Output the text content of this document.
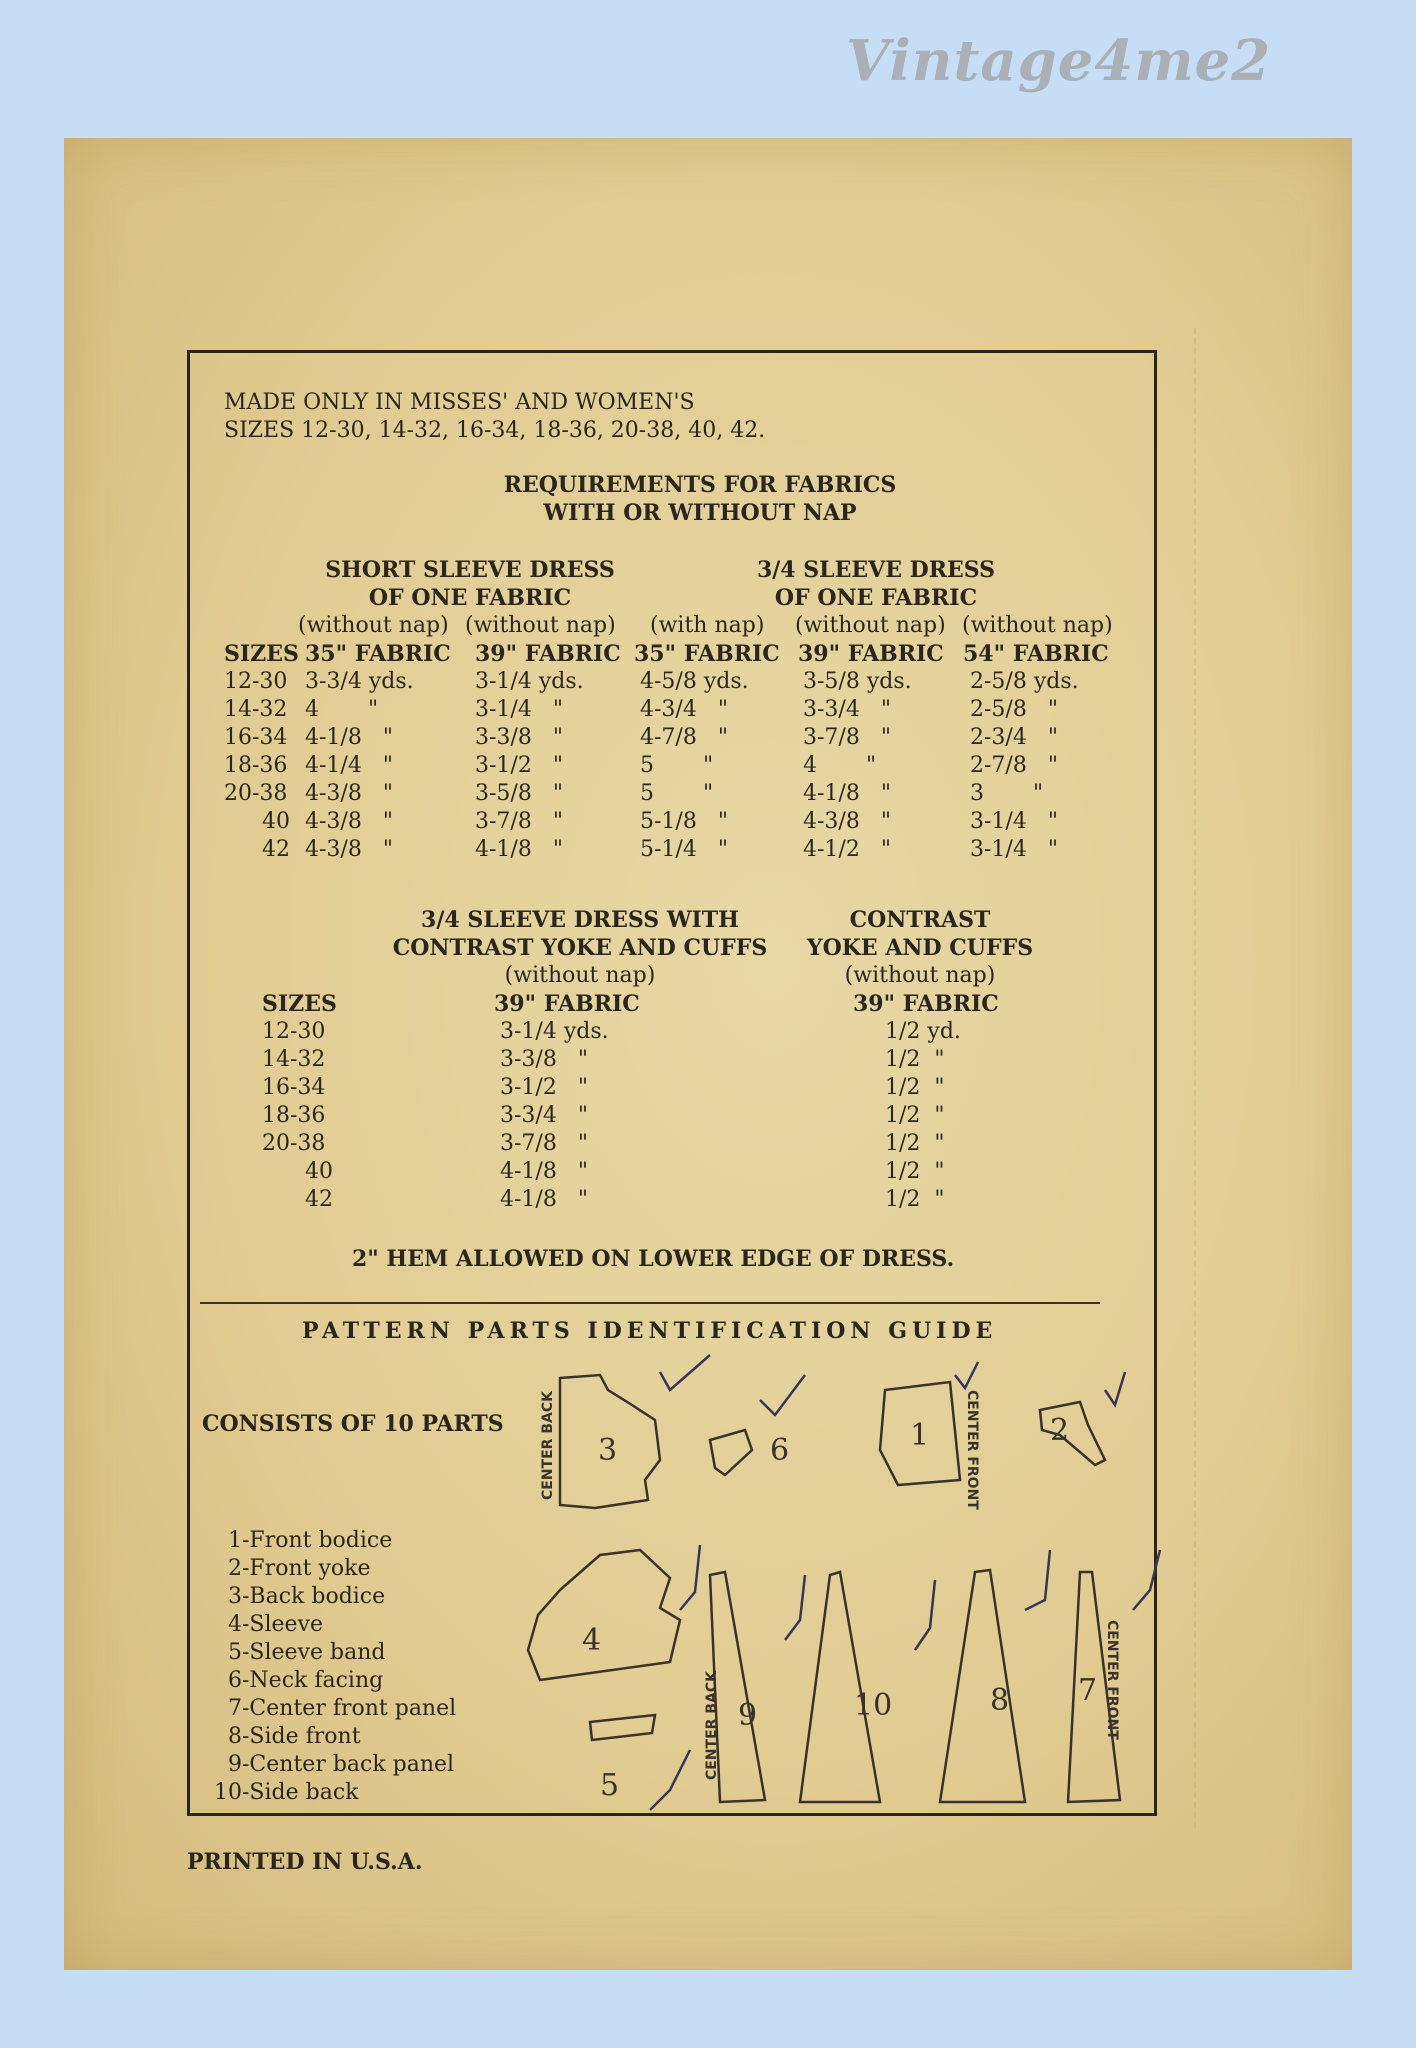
Vintage4me2
MADE ONLY IN MISSES' AND WOMEN'S
SIZES 12-30, 14-32, 16-34, 18-36, 20-38, 40, 42.
REQUIREMENTS FOR FABRICS
WITH OR WITHOUT NAP
SHORT SLEEVE DRESS
OF ONE FABRIC
3/4 SLEEVE DRESS
OF ONE FABRIC
(without nap) (without nap) (with nap) (without nap) (without nap)
SIZES 35" FABRIC 39" FABRIC 35" FABRIC 39" FABRIC 54" FABRIC
12-30 3-3/4 yds.	3-1/4 yds.	4-5/8 yds. 3-5/8 yds.	2-5/8 yds.
14-32 4       "	3-1/4   "	4-3/4   "	3-3/4   "	2-5/8   "
16-34 4-1/8   "	3-3/8   "	4-7/8   "	3-7/8   "	2-3/4   "
18-36 4-1/4   "	3-1/2   "	5       "	4       "	2-7/8   "
20-38 4-3/8   "	3-5/8   "	5       "	4-1/8   "	3       "
40 4-3/8   "	3-7/8   "	5-1/8   "	4-3/8   "	3-1/4   "
42 4-3/8   "	4-1/8   "	5-1/4   "	4-1/2   "	3-1/4   "
3/4 SLEEVE DRESS WITH
CONTRAST YOKE AND CUFFS
(without nap)
CONTRAST
YOKE AND CUFFS
(without nap)
SIZES	39" FABRIC	39" FABRIC
12-30	3-1/4 yds.	1/2 yd.
14-32	3-3/8   "	1/2  "
16-34	3-1/2   "	1/2  "
18-36	3-3/4   "	1/2  "
20-38	3-7/8   "	1/2  "
40	4-1/8   "	1/2  "
42	4-1/8   "	1/2  "
2" HEM ALLOWED ON LOWER EDGE OF DRESS.
PATTERN PARTS IDENTIFICATION GUIDE
CONSISTS OF 10 PARTS

1-Front bodice

2-Front yoke

3-Back bodice

4-Sleeve

5-Sleeve band

6-Neck facing

7-Center front panel

8-Side front

9-Center back panel

10-Side back

CENTER BACK	CENTER FRONT
CENTER BACK	CENTER FRONT
3	6	1	2
4
5
9	10	8 7
PRINTED IN U.S.A.
